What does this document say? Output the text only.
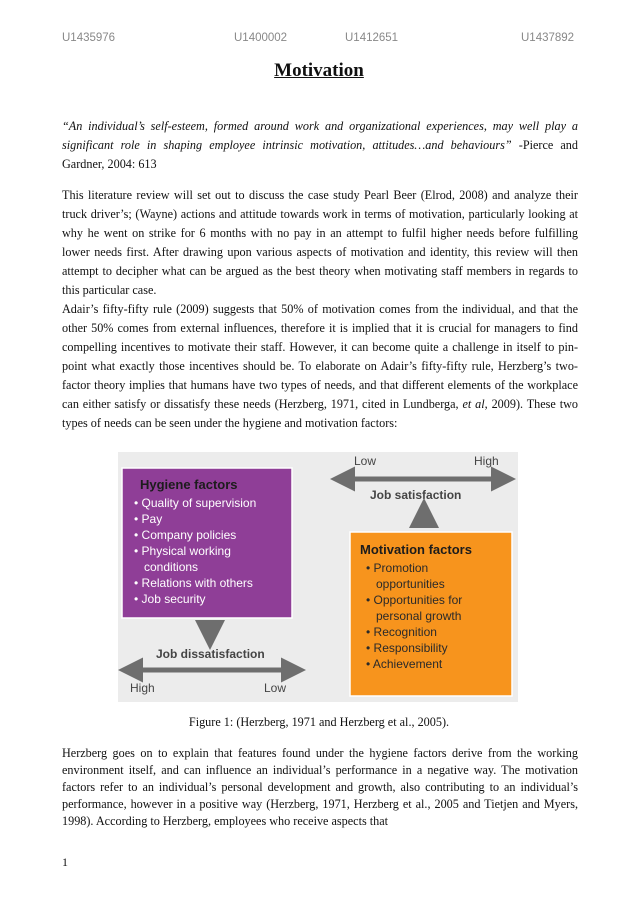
U1435976	U1400002	U1412651	U1437892
Motivation

“An individual’s self-esteem, formed around work and organizational experiences, may well play a significant role in shaping employee intrinsic motivation, attitudes…and behaviours” -Pierce and Gardner, 2004: 613

This literature review will set out to discuss the case study Pearl Beer (Elrod, 2008) and analyze their truck driver’s; (Wayne) actions and attitude towards work in terms of motivation, particularly looking at why he went on strike for 6 months with no pay in an attempt to fulfil higher needs before fulfilling lower needs first. After drawing upon various aspects of motivation and identity, this review will then attempt to decipher what can be argued as the best theory when motivating staff members in regards to this particular case.

Adair’s fifty-fifty rule (2009) suggests that 50% of motivation comes from the individual, and that the other 50% comes from external influences, therefore it is implied that it is crucial for managers to find compelling incentives to motivate their staff. However, it can become quite a challenge in itself to pin-point what exactly those incentives should be. To elaborate on Adair’s fifty-fifty rule, Herzberg’s two-factor theory implies that humans have two types of needs, and that different elements of the workplace can either satisfy or dissatisfy these needs (Herzberg, 1971, cited in Lundberga, et al, 2009). These two types of needs can be seen under the hygiene and motivation factors:

Low	High
Job satisfaction
Hygiene factors
• Quality of supervision
• Pay
• Company policies
• Physical working
conditions
• Relations with others
• Job security
Job dissatisfaction
High	Low
Motivation factors
• Promotion
opportunities
• Opportunities for
personal growth
• Recognition
• Responsibility
• Achievement
Figure 1: (Herzberg, 1971 and Herzberg et al., 2005).

Herzberg goes on to explain that features found under the hygiene factors derive from the working environment itself, and can influence an individual’s performance in a negative way. The motivation factors refer to an individual’s personal development and growth, also contributing to an individual’s performance, however in a positive way (Herzberg, 1971, Herzberg et al., 2005 and Tietjen and Myers, 1998). According to Herzberg, employees who receive aspects that

1
